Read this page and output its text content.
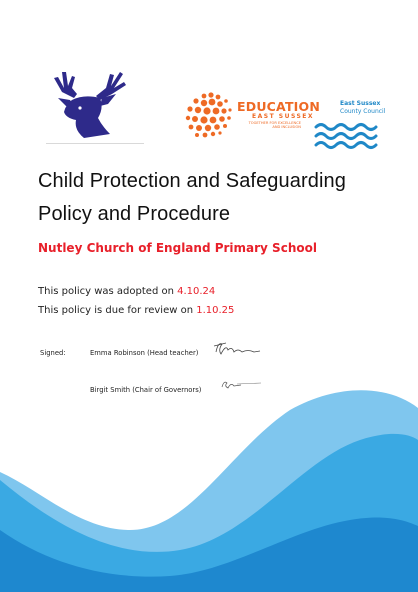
EDUCATION
EAST SUSSEX
TOGETHER FOR EXCELLENCE
AND INCLUSION
East Sussex
County Council
Child Protection and Safeguarding
Policy and Procedure
Nutley Church of England Primary School
This policy was adopted on 4.10.24
This policy is due for review on 1.10.25
Signed:	Emma Robinson (Head teacher)
Birgit Smith (Chair of Governors)
